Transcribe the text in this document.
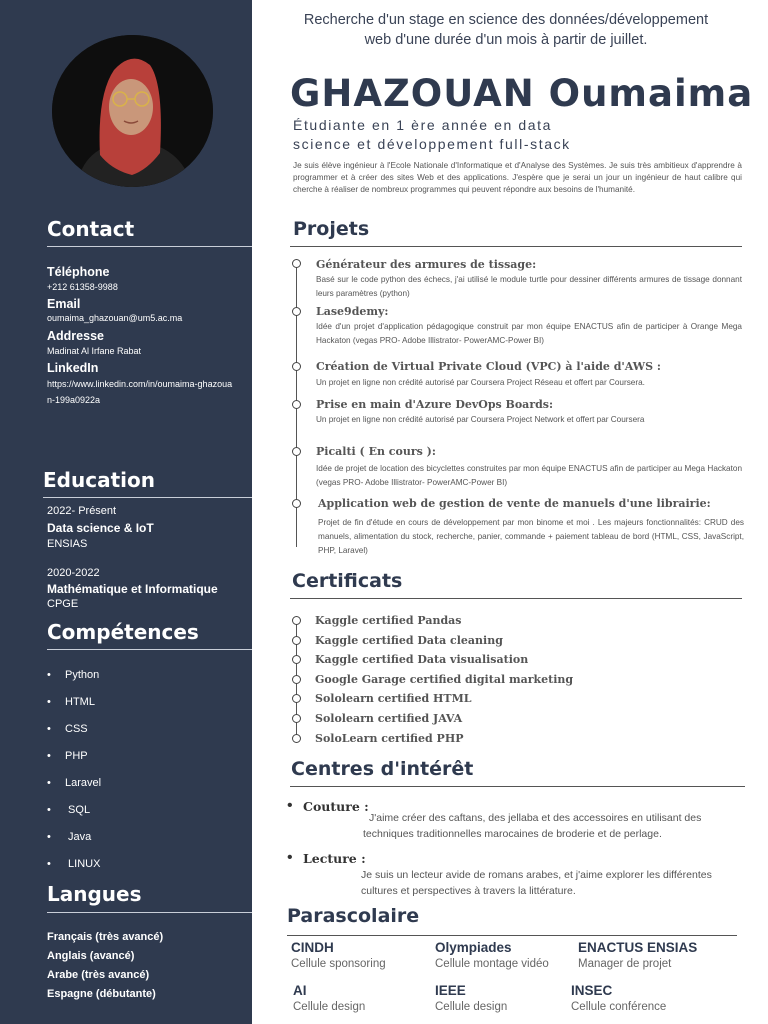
Contact
Téléphone
+212 61358-9988
Email
oumaima_ghazouan@um5.ac.ma
Addresse
Madinat Al Irfane Rabat
LinkedIn
https://www.linkedin.com/in/oumaima-ghazouan-199a0922a
Education
2022- Présent
Data science & IoT
ENSIAS
2020-2022
Mathématique et Informatique
CPGE
Compétences
• Python
• HTML
• CSS
• PHP
• Laravel
•  SQL
•  Java
•  LINUX
Langues
Français (très avancé)
Anglais (avancé)
Arabe (très avancé)
Espagne (débutante)
Recherche d'un stage en science des données/développement web d'une durée d'un mois à partir de juillet.
GHAZOUAN Oumaima
Étudiante en 1 ère année en data
science et développement full-stack
Je suis élève ingénieur à l'Ecole Nationale d'Informatique et d'Analyse des Systèmes. Je suis très ambitieux d'apprendre à programmer et à créer des sites Web et des applications. J'espère que je serai un jour un ingénieur de haut calibre qui cherche à réaliser de nombreux programmes qui peuvent répondre aux besoins de l'humanité.
Projets
Générateur des armures de tissage:
Basé sur le code python des échecs, j'ai utilisé le module turtle pour dessiner différents armures de tissage donnant leurs paramètres (python)
Lase9demy:
Idée d'un projet d'application pédagogique construit par mon équipe ENACTUS afin de participer à Orange Mega Hackaton (vegas PRO- Adobe Illistrator- PowerAMC-Power BI)
Création de Virtual Private Cloud (VPC) à l'aide d'AWS :
Un projet en ligne non crédité autorisé par Coursera Project Réseau et offert par Coursera.
Prise en main d'Azure DevOps Boards:
Un projet en ligne non crédité autorisé par Coursera Project Network et offert par Coursera
Picalti ( En cours ):
Idée de projet de location des bicyclettes construites par mon équipe ENACTUS afin de participer au Mega Hackaton (vegas PRO- Adobe Illistrator- PowerAMC-Power BI)
Application web de gestion de vente de manuels d'une librairie:
Projet de fin d'étude en cours de développement par mon binome et moi . Les majeurs fonctionnalités: CRUD des manuels, alimentation du stock, recherche, panier, commande + paiement tableau de bord (HTML, CSS, JavaScript, PHP, Laravel)
Certificats
Kaggle certified Pandas
Kaggle certified Data cleaning
Kaggle certified Data visualisation
Google Garage certified digital marketing
Sololearn certified HTML
Sololearn certified JAVA
SoloLearn certified PHP
Centres d'intérêt
• Couture :
J'aime créer des caftans, des jellaba et des accessoires en utilisant des techniques traditionnelles marocaines de broderie et de perlage.
• Lecture :
Je suis un lecteur avide de romans arabes, et j'aime explorer les différentes cultures et perspectives à travers la littérature.
Parascolaire
CINDH
Cellule sponsoring
Olympiades
Cellule montage vidéo
ENACTUS ENSIAS
Manager de projet
AI
Cellule design
IEEE
Cellule design
INSEC
Cellule conférence
